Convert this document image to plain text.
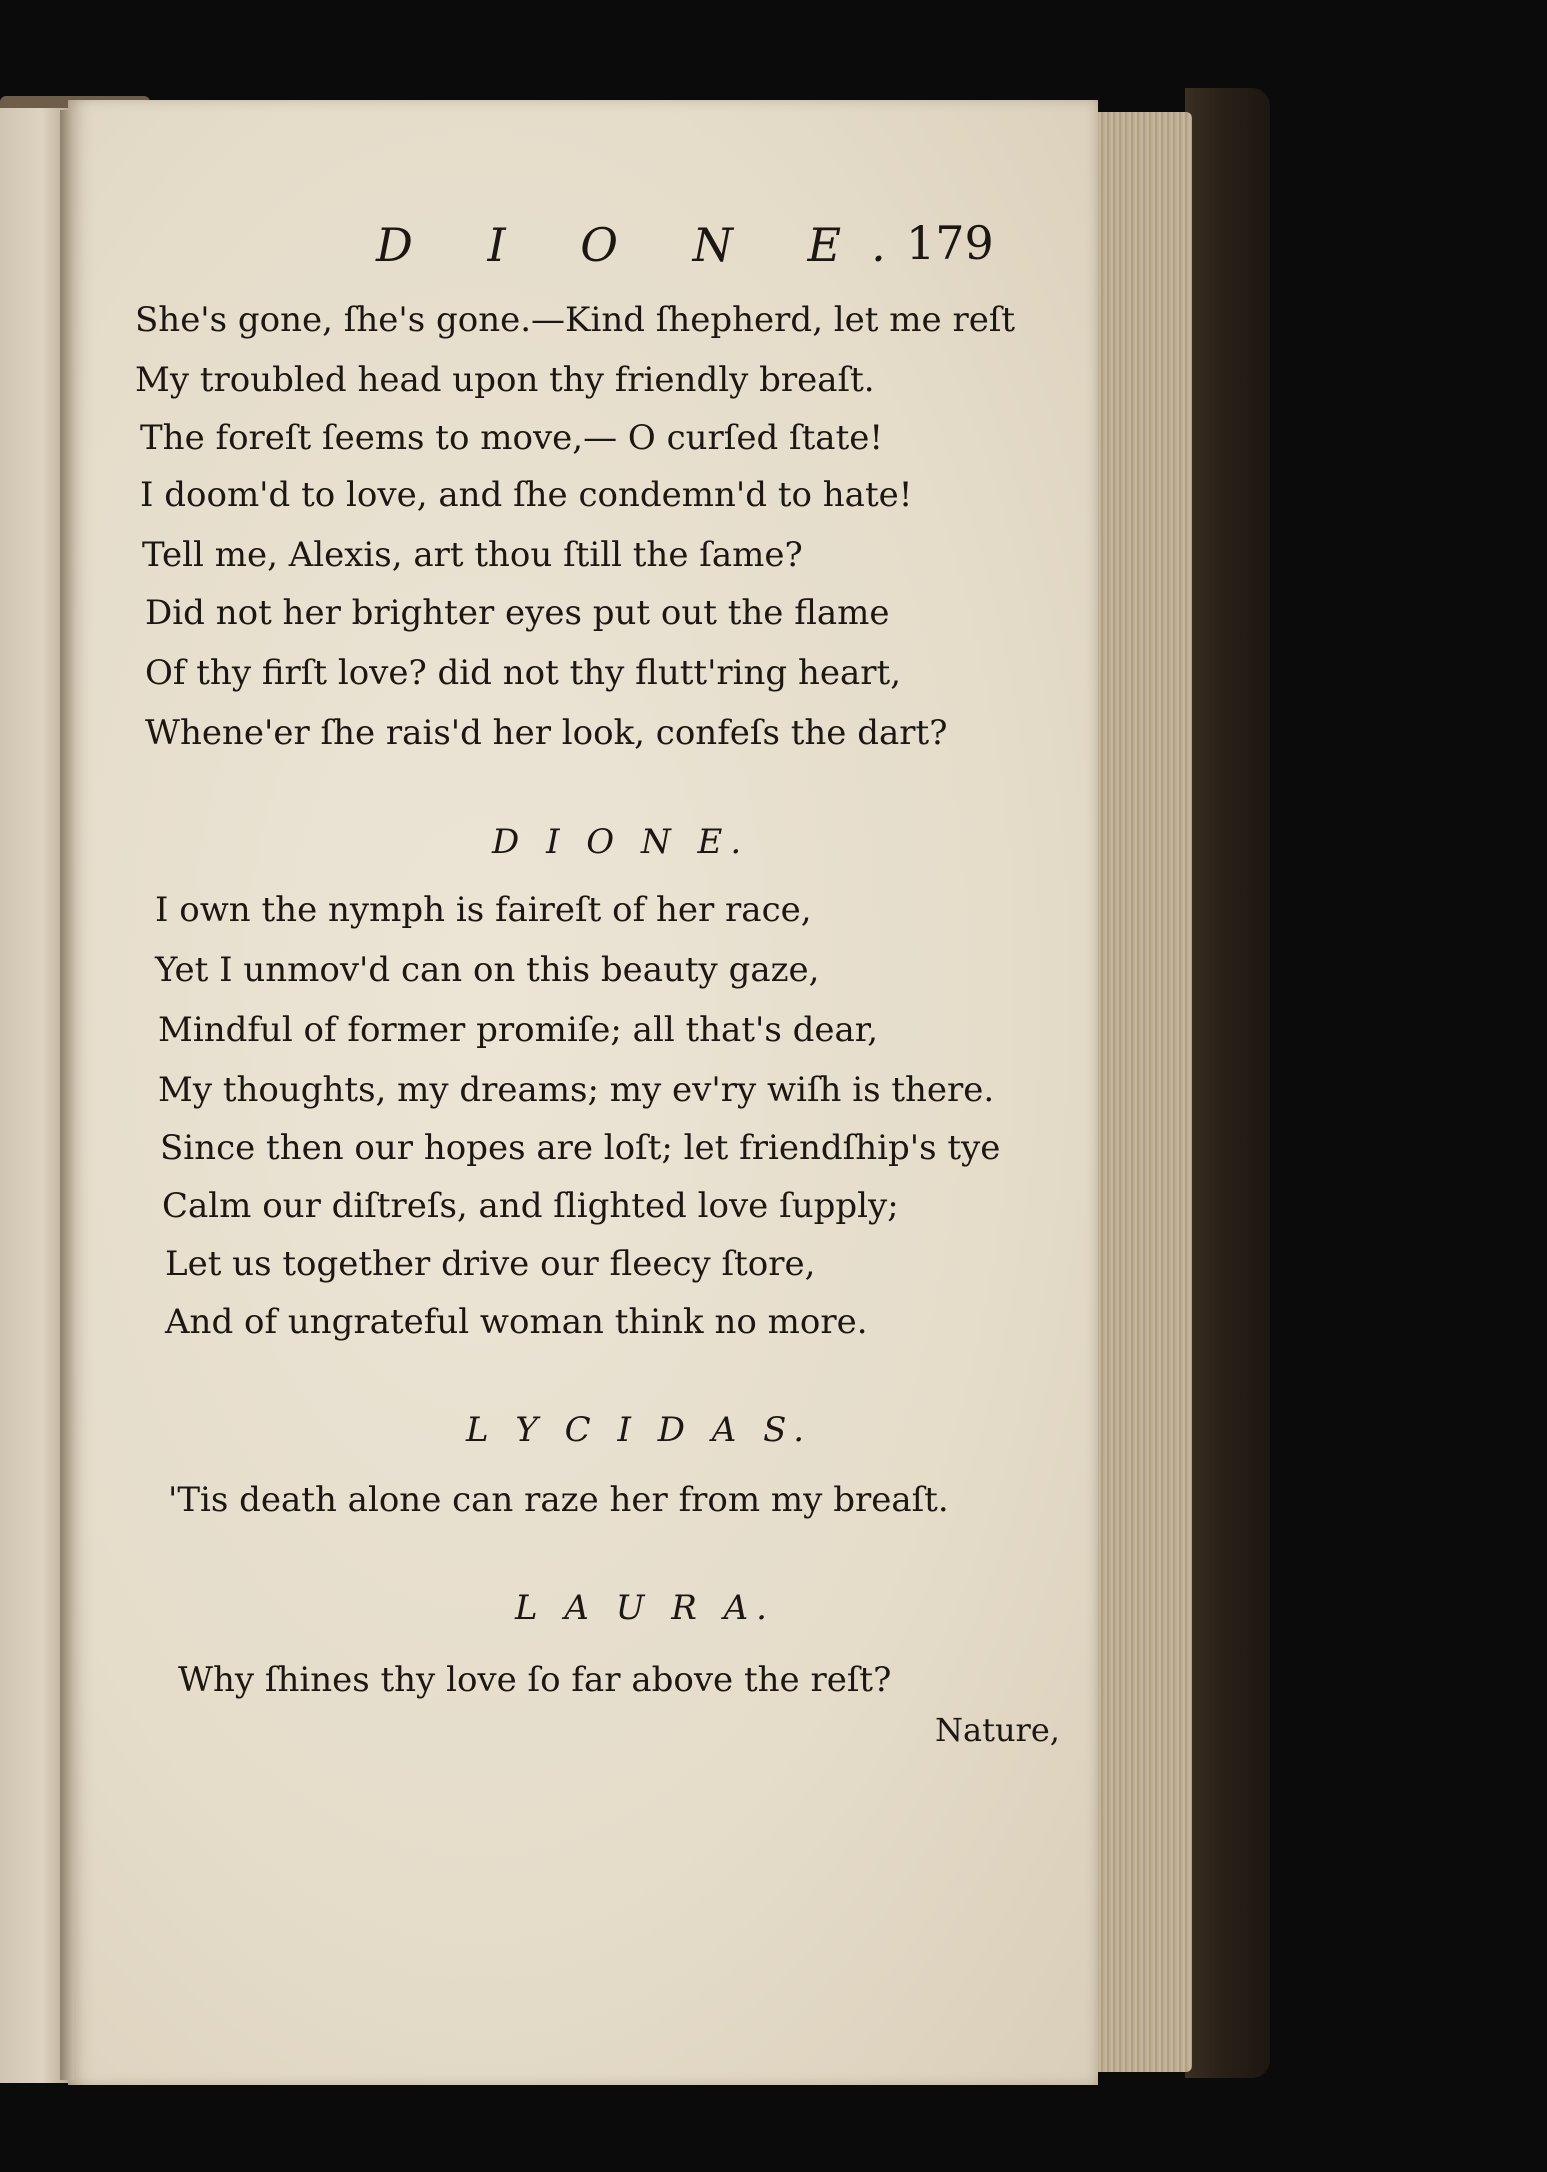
D I O N E.
179
She's gone, ſhe's gone.—Kind ſhepherd, let me reſt
My troubled head upon thy friendly breaſt.
The foreſt ſeems to move,— O curſed ſtate!
I doom'd to love, and ſhe condemn'd to hate!
Tell me, Alexis, art thou ſtill the ſame?
Did not her brighter eyes put out the flame
Of thy firſt love? did not thy flutt'ring heart,
Whene'er ſhe rais'd her look, confeſs the dart?
D I O N E.
I own the nymph is faireſt of her race,
Yet I unmov'd can on this beauty gaze,
Mindful of former promiſe; all that's dear,
My thoughts, my dreams; my ev'ry wiſh is there.
Since then our hopes are loſt; let friendſhip's tye
Calm our diſtreſs, and ſlighted love ſupply;
Let us together drive our fleecy ſtore,
And of ungrateful woman think no more.
L Y C I D A S.
'Tis death alone can raze her from my breaſt.
L A U R A.
Why ſhines thy love ſo far above the reſt?
Nature,
